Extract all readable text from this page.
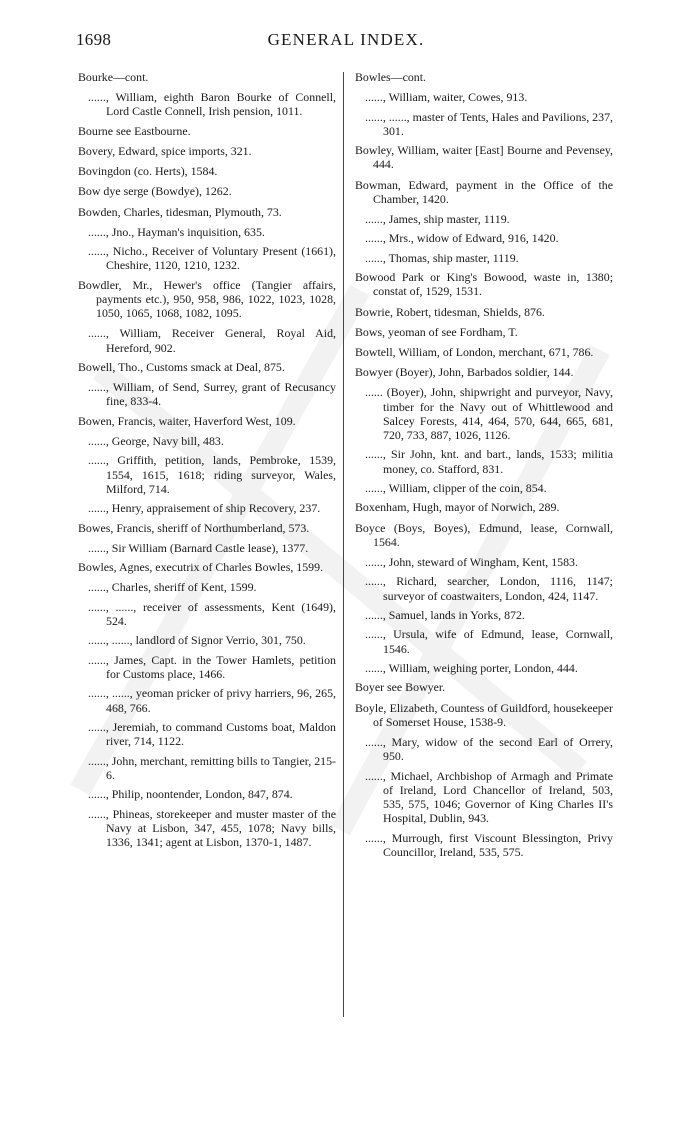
1698	GENERAL INDEX.

Bourke—cont.

......, William, eighth Baron Bourke of Connell, Lord Castle Connell, Irish pension, 1011.

Bourne see Eastbourne.

Bovery, Edward, spice imports, 321.

Bovingdon (co. Herts), 1584.

Bow dye serge (Bowdye), 1262.

Bowden, Charles, tidesman, Plymouth, 73.

......, Jno., Hayman's inquisition, 635.

......, Nicho., Receiver of Voluntary Present (1661), Cheshire, 1120, 1210, 1232.

Bowdler, Mr., Hewer's office (Tangier affairs, payments etc.), 950, 958, 986, 1022, 1023, 1028, 1050, 1065, 1068, 1082, 1095.

......, William, Receiver General, Royal Aid, Hereford, 902.

Bowell, Tho., Customs smack at Deal, 875.

......, William, of Send, Surrey, grant of Recusancy fine, 833-4.

Bowen, Francis, waiter, Haverford West, 109.

......, George, Navy bill, 483.

......, Griffith, petition, lands, Pembroke, 1539, 1554, 1615, 1618; riding surveyor, Wales, Milford, 714.

......, Henry, appraisement of ship Recovery, 237.

Bowes, Francis, sheriff of Northumberland, 573.

......, Sir William (Barnard Castle lease), 1377.

Bowles, Agnes, executrix of Charles Bowles, 1599.

......, Charles, sheriff of Kent, 1599.

......, ......, receiver of assessments, Kent (1649), 524.

......, ......, landlord of Signor Verrio, 301, 750.

......, James, Capt. in the Tower Hamlets, petition for Customs place, 1466.

......, ......, yeoman pricker of privy harriers, 96, 265, 468, 766.

......, Jeremiah, to command Customs boat, Maldon river, 714, 1122.

......, John, merchant, remitting bills to Tangier, 215-6.

......, Philip, noontender, London, 847, 874.

......, Phineas, storekeeper and muster master of the Navy at Lisbon, 347, 455, 1078; Navy bills, 1336, 1341; agent at Lisbon, 1370-1, 1487.

Bowles—cont.

......, William, waiter, Cowes, 913.

......, ......, master of Tents, Hales and Pavilions, 237, 301.

Bowley, William, waiter [East] Bourne and Pevensey, 444.

Bowman, Edward, payment in the Office of the Chamber, 1420.

......, James, ship master, 1119.

......, Mrs., widow of Edward, 916, 1420.

......, Thomas, ship master, 1119.

Bowood Park or King's Bowood, waste in, 1380; constat of, 1529, 1531.

Bowrie, Robert, tidesman, Shields, 876.

Bows, yeoman of see Fordham, T.

Bowtell, William, of London, merchant, 671, 786.

Bowyer (Boyer), John, Barbados soldier, 144.

...... (Boyer), John, shipwright and purveyor, Navy, timber for the Navy out of Whittlewood and Salcey Forests, 414, 464, 570, 644, 665, 681, 720, 733, 887, 1026, 1126.

......, Sir John, knt. and bart., lands, 1533; militia money, co. Stafford, 831.

......, William, clipper of the coin, 854.

Boxenham, Hugh, mayor of Norwich, 289.

Boyce (Boys, Boyes), Edmund, lease, Cornwall, 1564.

......, John, steward of Wingham, Kent, 1583.

......, Richard, searcher, London, 1116, 1147; surveyor of coastwaiters, London, 424, 1147.

......, Samuel, lands in Yorks, 872.

......, Ursula, wife of Edmund, lease, Cornwall, 1546.

......, William, weighing porter, London, 444.

Boyer see Bowyer.

Boyle, Elizabeth, Countess of Guildford, housekeeper of Somerset House, 1538-9.

......, Mary, widow of the second Earl of Orrery, 950.

......, Michael, Archbishop of Armagh and Primate of Ireland, Lord Chancellor of Ireland, 503, 535, 575, 1046; Governor of King Charles II's Hospital, Dublin, 943.

......, Murrough, first Viscount Blessington, Privy Councillor, Ireland, 535, 575.
